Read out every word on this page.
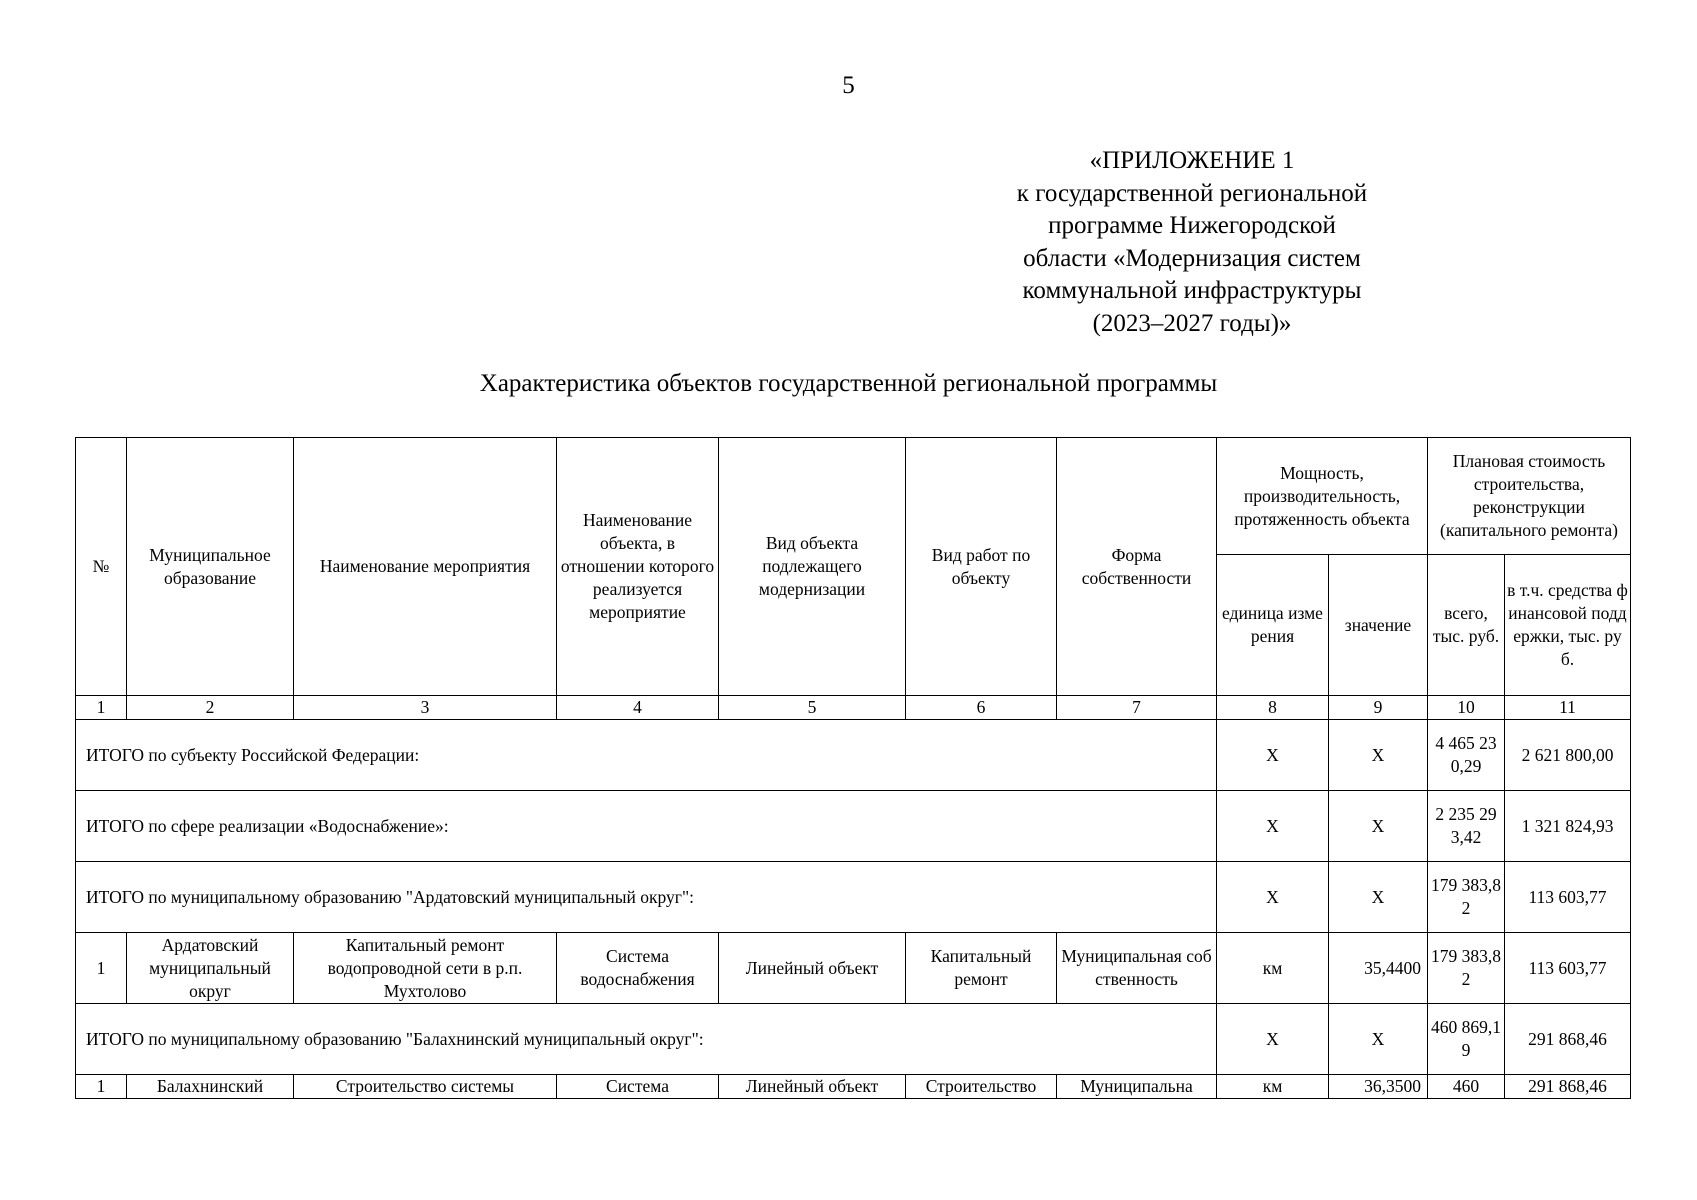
5
«ПРИЛОЖЕНИЕ 1
к государственной региональной
программе Нижегородской
области «Модернизация систем
коммунальной инфраструктуры
(2023–2027 годы)»
Характеристика объектов государственной региональной программы
№	Муниципальное образование	Наименование мероприятия	Наименование объекта, в отношении которого реализуется мероприятие	Вид объекта подлежащего модернизации	Вид работ по объекту	Форма собственности	Мощность, производительность, протяженность объекта		Плановая стоимость строительства, реконструкции (капитального ремонта)	
							единица измерения	значение	всего, тыс. руб.	в т.ч. средства финансовой поддержки, тыс. руб.
1	2	3	4	5	6	7	8	9	10	11
ИТОГО по субъекту Российской Федерации:							X	X	4 465 230,29	2 621 800,00
ИТОГО по сфере реализации «Водоснабжение»:							X	X	2 235 293,42	1 321 824,93
ИТОГО по муниципальному образованию "Ардатовский муниципальный округ":							X	X	179 383,82	113 603,77
1	Ардатовский муниципальный округ	Капитальный ремонт водопроводной сети в р.п. Мухтолово	Система водоснабжения	Линейный объект	Капитальный ремонт	Муниципальная собственность	км	35,4400	179 383,82	113 603,77
ИТОГО по муниципальному образованию "Балахнинский муниципальный округ":							X	X	460 869,19	291 868,46
1	Балахнинский	Строительство системы	Система	Линейный объект	Строительство	Муниципальна	км	36,3500	460	291 868,46
